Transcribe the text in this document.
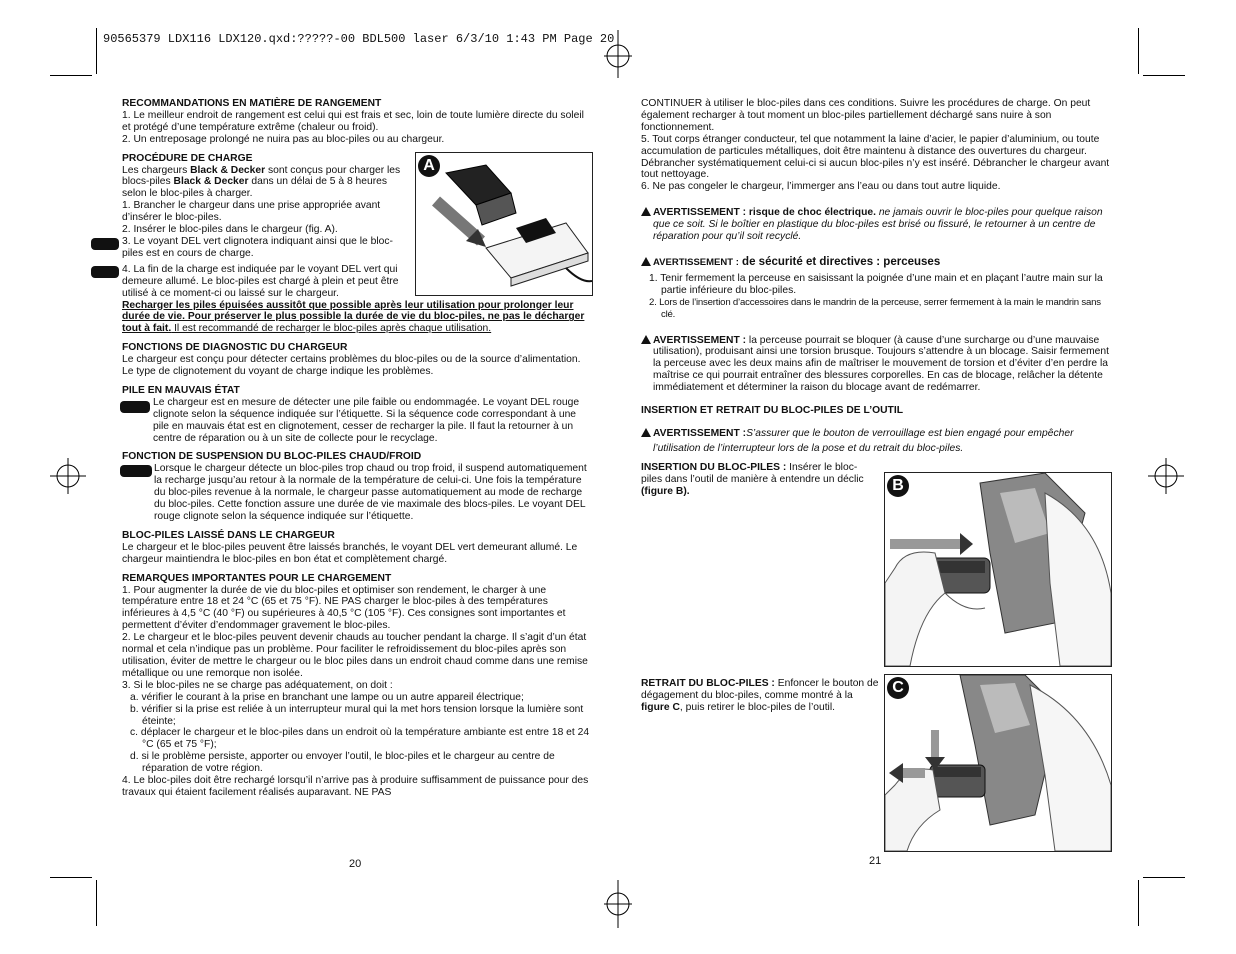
90565379 LDX116 LDX120.qxd:?????-00 BDL500 laser 6/3/10 1:43 PM Page 20

RECOMMANDATIONS EN MATIÈRE DE RANGEMENT

1. Le meilleur endroit de rangement est celui qui est frais et sec, loin de toute lumière directe du soleil et protégé d’une température extrême (chaleur ou froid).

2. Un entreposage prolongé ne nuira pas au bloc-piles ou au chargeur.

PROCÉDURE DE CHARGE

Les chargeurs Black & Decker sont conçus pour charger les blocs-piles Black & Decker dans un délai de 5 à 8 heures selon le bloc-piles à charger.

1. Brancher le chargeur dans une prise appropriée avant d’insérer le bloc-piles.

2. Insérer le bloc-piles dans le chargeur (fig. A).

3. Le voyant DEL vert clignotera indiquant ainsi que le bloc-piles est en cours de charge.

4. La fin de la charge est indiquée par le voyant DEL vert qui demeure allumé. Le bloc-piles est chargé à plein et peut être utilisé à ce moment-ci ou laissé sur le chargeur.

Recharger les piles épuisées aussitôt que possible après leur utilisation pour prolonger leur durée de vie. Pour préserver le plus possible la durée de vie du bloc-piles, ne pas le décharger tout à fait. Il est recommandé de recharger le bloc-piles après chaque utilisation.

FONCTIONS DE DIAGNOSTIC DU CHARGEUR

Le chargeur est conçu pour détecter certains problèmes du bloc-piles ou de la source d’alimentation. Le type de clignotement du voyant de charge indique les problèmes.

PILE EN MAUVAIS ÉTAT

Le chargeur est en mesure de détecter une pile faible ou endommagée. Le voyant DEL rouge clignote selon la séquence indiquée sur l’étiquette. Si la séquence code correspondant à une pile en mauvais état est en clignotement, cesser de recharger la pile. Il faut la retourner à un centre de réparation ou à un site de collecte pour le recyclage.

FONCTION DE SUSPENSION DU BLOC-PILES CHAUD/FROID

Lorsque le chargeur détecte un bloc-piles trop chaud ou trop froid, il suspend automatiquement la recharge jusqu’au retour à la normale de la température de celui-ci. Une fois la température du bloc-piles revenue à la normale, le chargeur passe automatiquement au mode de recharge du bloc-piles. Cette fonction assure une durée de vie maximale des blocs-piles. Le voyant DEL rouge clignote selon la séquence indiquée sur l’étiquette.

BLOC-PILES LAISSÉ DANS LE CHARGEUR

Le chargeur et le bloc-piles peuvent être laissés branchés, le voyant DEL vert demeurant allumé. Le chargeur maintiendra le bloc-piles en bon état et complètement chargé.

REMARQUES IMPORTANTES POUR LE CHARGEMENT

1. Pour augmenter la durée de vie du bloc-piles et optimiser son rendement, le charger à une température entre 18 et 24 °C (65 et 75 °F). NE PAS charger le bloc-piles à des températures inférieures à 4,5 °C (40 °F) ou supérieures à 40,5 °C (105 °F). Ces consignes sont importantes et permettent d’éviter d’endommager gravement le bloc-piles.

2. Le chargeur et le bloc-piles peuvent devenir chauds au toucher pendant la charge. Il s’agit d’un état normal et cela n’indique pas un problème. Pour faciliter le refroidissement du bloc-piles après son utilisation, éviter de mettre le chargeur ou le bloc piles dans un endroit chaud comme dans une remise métallique ou une remorque non isolée.

3. Si le bloc-piles ne se charge pas adéquatement, on doit :

a. vérifier le courant à la prise en branchant une lampe ou un autre appareil électrique;

b. vérifier si la prise est reliée à un interrupteur mural qui la met hors tension lorsque la lumière sont éteinte;

c. déplacer le chargeur et le bloc-piles dans un endroit où la température ambiante est entre 18 et 24 °C (65 et 75 °F);

d. si le problème persiste, apporter ou envoyer l’outil, le bloc-piles et le chargeur au centre de réparation de votre région.

4. Le bloc-piles doit être rechargé lorsqu’il n’arrive pas à produire suffisamment de puissance pour des travaux qui étaient facilement réalisés auparavant. NE PAS

20
A

CONTINUER à utiliser le bloc-piles dans ces conditions. Suivre les procédures de charge. On peut également recharger à tout moment un bloc-piles partiellement déchargé sans nuire à son fonctionnement.

5. Tout corps étranger conducteur, tel que notamment la laine d’acier, le papier d’aluminium, ou toute accumulation de particules métalliques, doit être maintenu à distance des ouvertures du chargeur. Débrancher systématiquement celui-ci si aucun bloc-piles n’y est inséré. Débrancher le chargeur avant tout nettoyage.

6. Ne pas congeler le chargeur, l’immerger ans l’eau ou dans tout autre liquide.

AVERTISSEMENT : risque de choc électrique. ne jamais ouvrir le bloc-piles pour quelque raison que ce soit. Si le boîtier en plastique du bloc-piles est brisé ou fissuré, le retourner à un centre de réparation pour qu’il soit recyclé.

AVERTISSEMENT : de sécurité et directives : perceuses

1. Tenir fermement la perceuse en saisissant la poignée d’une main et en plaçant l’autre main sur la partie inférieure du bloc-piles.

2. Lors de l’insertion d’accessoires dans le mandrin de la perceuse, serrer fermement à la main le mandrin sans clé.

AVERTISSEMENT : la perceuse pourrait se bloquer (à cause d’une surcharge ou d’une mauvaise utilisation), produisant ainsi une torsion brusque. Toujours s’attendre à un blocage. Saisir fermement la perceuse avec les deux mains afin de maîtriser le mouvement de torsion et d’éviter d’en perdre la maîtrise ce qui pourrait entraîner des blessures corporelles. En cas de blocage, relâcher la détente immédiatement et déterminer la raison du blocage avant de redémarrer.

INSERTION ET RETRAIT DU BLOC-PILES DE L’OUTIL

AVERTISSEMENT :S’assurer que le bouton de verrouillage est bien engagé pour empêcher l’utilisation de l’interrupteur lors de la pose et du retrait du bloc-piles.

INSERTION DU BLOC-PILES : Insérer le bloc-piles dans l’outil de manière à entendre un déclic (figure B).

RETRAIT DU BLOC-PILES : Enfoncer le bouton de dégagement du bloc-piles, comme montré à la figure C, puis retirer le bloc-piles de l’outil.

21
B
C
